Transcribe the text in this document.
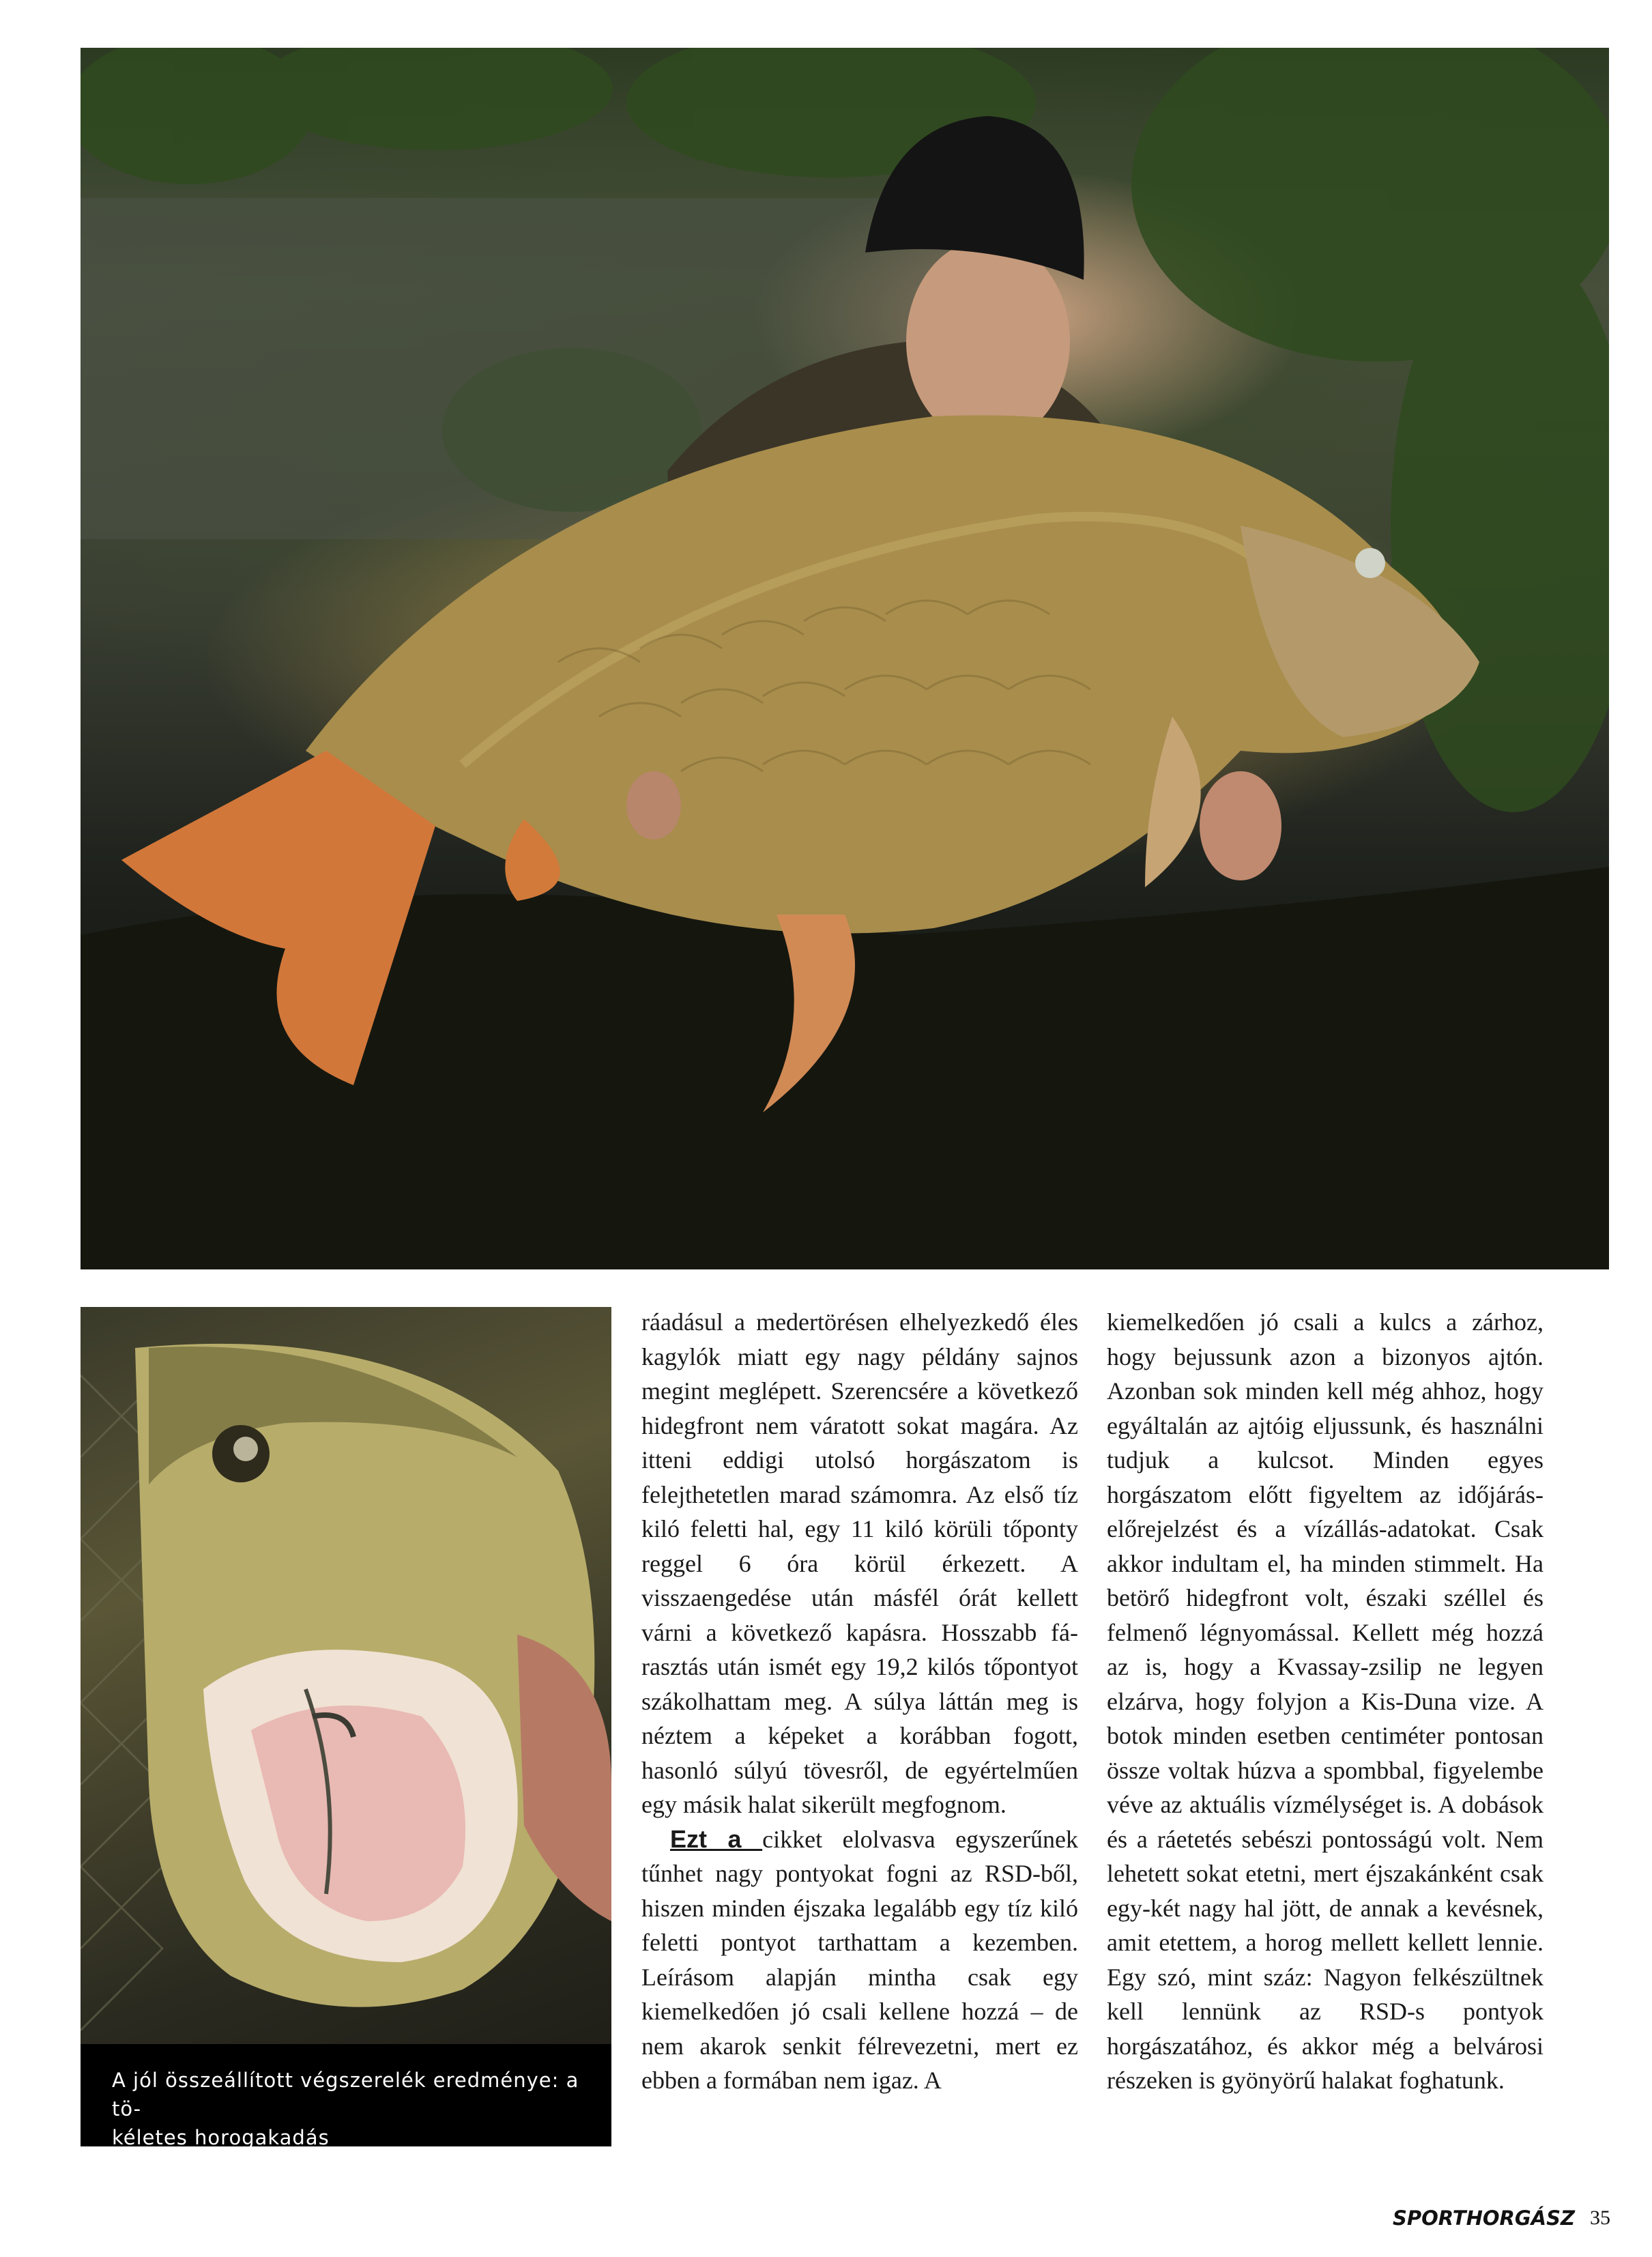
A jól összeállított végszerelék eredménye: a tö-
kéletes horogakadás

ráadásul a medertörésen elhelyezkedő éles kagylók miatt egy nagy példány sajnos megint meglépett. Szerencsére a következő hidegfront nem váratott sokat magára. Az itteni eddigi utolsó horgászatom is felejthetetlen marad számomra. Az első tíz kiló feletti hal, egy 11 kiló körüli tőponty reggel 6 óra körül érkezett. A visszaengedése után másfél órát kellett várni a következő kapásra. Hosszabb fárasztás után ismét egy 19,2 kilós tőpontyot szákolhattam meg. A súlya láttán meg is néztem a képeket a korábban fogott, hasonló súlyú tövesről, de egyértelműen egy másik halat sikerült megfognom.

Ezt a cikket elolvasva egyszerűnek tűnhet nagy pontyokat fogni az RSD-ből, hiszen minden éjszaka legalább egy tíz kiló feletti pontyot tarthattam a kezemben. Leírásom alapján mintha csak egy kiemelkedően jó csali kellene hozzá – de nem akarok senkit félrevezetni, mert ez ebben a formában nem igaz. A

kiemelkedően jó csali a kulcs a zárhoz, hogy bejussunk azon a bizonyos ajtón. Azonban sok minden kell még ahhoz, hogy egyáltalán az ajtóig eljussunk, és használni tudjuk a kulcsot. Minden egyes horgászatom előtt figyeltem az időjárás-előrejelzést és a vízállás-adatokat. Csak akkor indultam el, ha minden stimmelt. Ha betörő hidegfront volt, északi széllel és felmenő légnyomással. Kellett még hozzá az is, hogy a Kvassay-zsilip ne legyen elzárva, hogy folyjon a Kis-Duna vize. A botok minden esetben centiméter pontosan össze voltak húzva a spombbal, figyelembe véve az aktuális vízmélységet is. A dobások és a ráetetés sebészi pontosságú volt. Nem lehetett sokat etetni, mert éjszakánként csak egy-két nagy hal jött, de annak a kevésnek, amit etettem, a horog mellett kellett lennie. Egy szó, mint száz: Nagyon felkészültnek kell lennünk az RSD-s pontyok horgászatához, és akkor még a belvárosi részeken is gyönyörű halakat foghatunk.

SPORTHORGÁSZ 35
